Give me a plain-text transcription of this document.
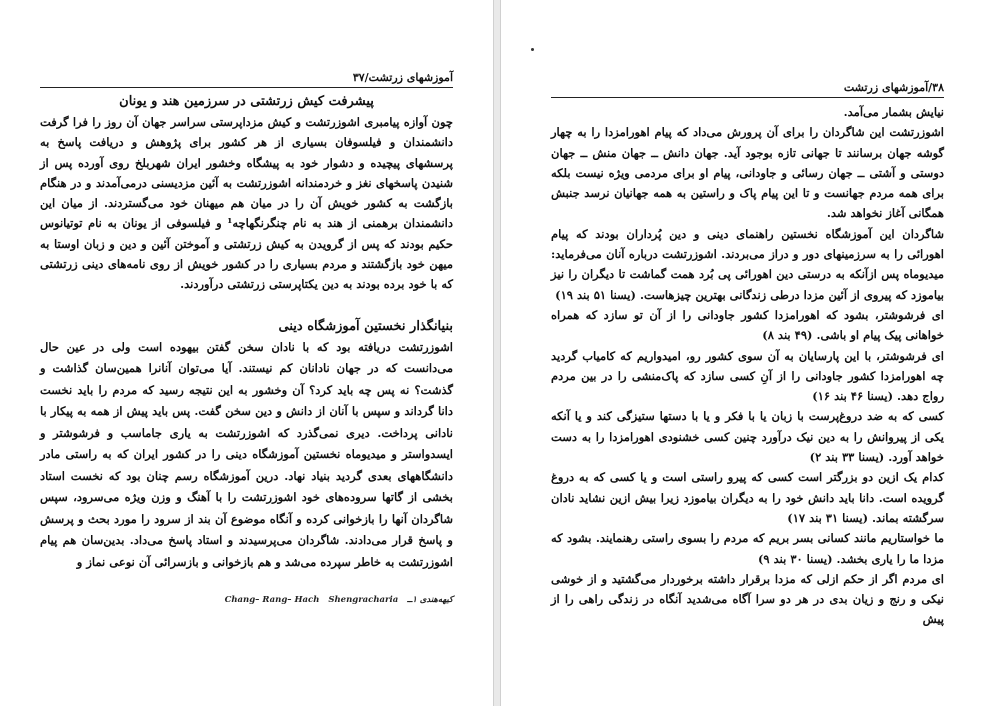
آموزشهای زرتشت/۳۷
پیشرفت کیش زرتشتی در سرزمین هند و یونان

چون آوازه پیامبری اشوزرتشت و کیش مزداپرستی سراسر جهان آن روز را فرا گرفت دانشمندان و فیلسوفان بسیاری از هر کشور برای پژوهش و دریافت پاسخ به پرسشهای پیچیده و دشوار خود به پیشگاه وخشور ایران شهربلخ روی آورده پس از شنیدن پاسخهای نغز و خردمندانه اشوزرتشت به آئین مزدیسنی درمی‌آمدند و در هنگام بازگشت به کشور خویش آن را در میان هم میهنان خود می‌گستردند. از میان این دانشمندان برهمنی از هند به نام چنگرنگهاچه¹ و فیلسوفی از یونان به نام توتیانوس حکیم بودند که پس از گرویدن به کیش زرتشتی و آموختن آئین و دین و زبان اوستا به میهن خود بازگشتند و مردم بسیاری را در کشور خویش از روی نامه‌های دینی زرتشتی که با خود برده بودند به دین یکتاپرستی زرتشتی درآوردند.

بنیانگذار نخستین آموزشگاه دینی

اشوزرتشت دریافته بود که با نادان سخن گفتن بیهوده است ولی در عین حال می‌دانست که در جهان نادانان کم نیستند. آیا می‌توان آنانرا همین‌سان گذاشت و گذشت؟ نه پس چه باید کرد؟ آن وخشور به این نتیجه رسید که مردم را باید نخست دانا گرداند و سپس با آنان از دانش و دین سخن گفت. پس باید پیش از همه به پیکار با نادانی پرداخت. دیری نمی‌گذرد که اشوزرتشت به یاری جاماسب و فرشوشتر و ایسدواستر و میدیوماه نخستین آموزشگاه دینی را در کشور ایران که به راستی مادر دانشگاههای بعدی گردید بنیاد نهاد. درین آموزشگاه رسم چنان بود که نخست استاد بخشی از گاتها سروده‌های خود اشوزرتشت را با آهنگ و وزن ویژه می‌سرود، سپس شاگردان آنها را بازخوانی کرده و آنگاه موضوع آن بند از سرود را مورد بحث و پرسش و پاسخ قرار می‌دادند. شاگردان می‌پرسیدند و استاد پاسخ می‌داد. بدین‌سان هم پیام اشوزرتشت به خاطر سپرده می‌شد و هم بازخوانی و بازسرائی آن نوعی نماز و

Chang– Rang– Hach Shengracharia کیهه‌هندی ۱ــ
۳۸/آموزشهای زرتشت

نیایش بشمار می‌آمد.

اشوزرتشت این شاگردان را برای آن پرورش می‌داد که پیام اهورامزدا را به چهار گوشه جهان برسانند تا جهانی تازه بوجود آید. جهان دانش ــ جهان منش ــ جهان دوستی و آشتی ــ جهان رسائی و جاودانی، پیام او برای مردمی ویژه نیست بلکه برای همه مردم جهانست و تا این پیام پاک و راستین به همه جهانیان نرسد جنبش همگانی آغاز نخواهد شد.

شاگردان این آموزشگاه نخستین راهنمای دینی و دین پُرداران بودند که پیام اهورائی را به سرزمینهای دور و دراز می‌بردند. اشوزرتشت درباره آنان می‌فرماید: میدیوماه پس ازآنکه به درستی دین اهورائی پی بُرد همت گماشت تا دیگران را نیز بیاموزد که پیروی از آئین مزدا در‌طی زندگانی بهترین چیزهاست. (یسنا ۵۱ بند ۱۹)

ای فرشوشتر، بشود که اهورامزدا کشور جاودانی را از آن تو سازد که همراه خواهانی پیک پیام او باشی. (۴۹ بند ۸)

ای فرشوشتر، با این پارسایان به آن سوی کشور رو، امیدواریم که کامیاب گردید چه اهورامزدا کشور جاودانی را از آنِ کسی سازد که پاک‌منشی را در بین مردم رواج دهد. (یسنا ۴۶ بند ۱۶)

کسی که به ضد دروغ‌پرست با زبان یا با فکر و یا با دستها ستیزگی کند و یا آنکه یکی از پیروانش را به دین نیک درآورد چنین کسی خشنودی اهورامزدا را به دست خواهد آورد. (یسنا ۳۳ بند ۲)

کدام یک ازین دو بزرگتر است کسی که پیرو راستی است و یا کسی که به دروغ گرویده است. دانا باید دانش خود را به دیگران بیاموزد زیرا بیش ازین نشاید نادان سرگشته بماند. (یسنا ۳۱ بند ۱۷)

ما خواستاریم مانند کسانی بسر بریم که مردم را بسوی راستی رهنمایند. بشود که مزدا ما را یاری بخشد. (یسنا ۳۰ بند ۹)

ای مردم اگر از حکم ازلی که مزدا برقرار داشته برخوردار می‌گشتید و از خوشی نیکی و رنج و زیان بدی در هر دو سرا آگاه می‌شدید آنگاه در زندگی راهی را از پیش
